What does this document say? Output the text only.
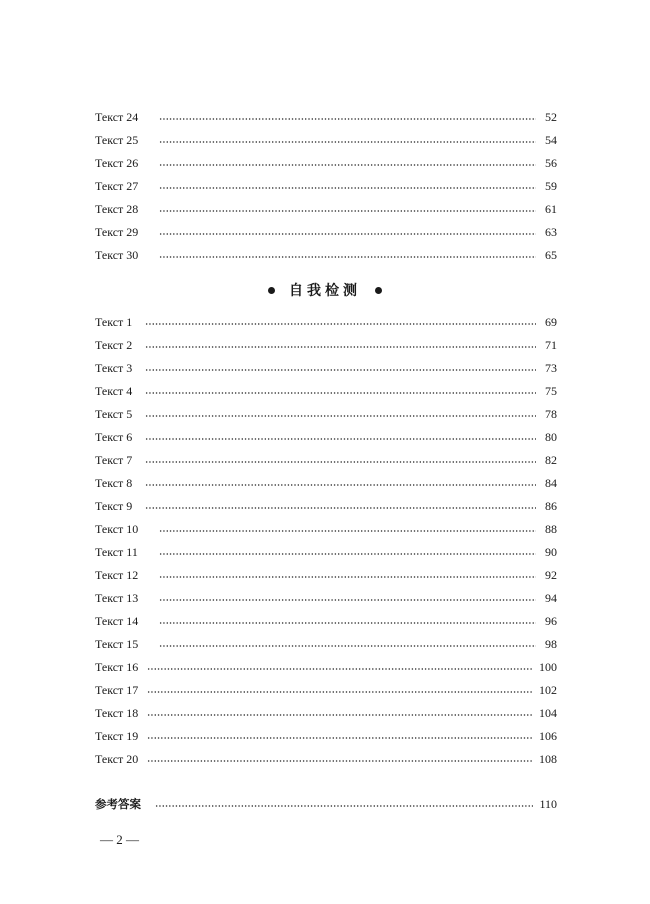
Текст 24	52
Текст 25	54
Текст 26	56
Текст 27	59
Текст 28	61
Текст 29	63
Текст 30	65
自我检测
Текст 1	69
Текст 2	71
Текст 3	73
Текст 4	75
Текст 5	78
Текст 6	80
Текст 7	82
Текст 8	84
Текст 9	86
Текст 10	88
Текст 11	90
Текст 12	92
Текст 13	94
Текст 14	96
Текст 15	98
Текст 16	100
Текст 17	102
Текст 18	104
Текст 19	106
Текст 20	108
参考答案	110
— 2 —
